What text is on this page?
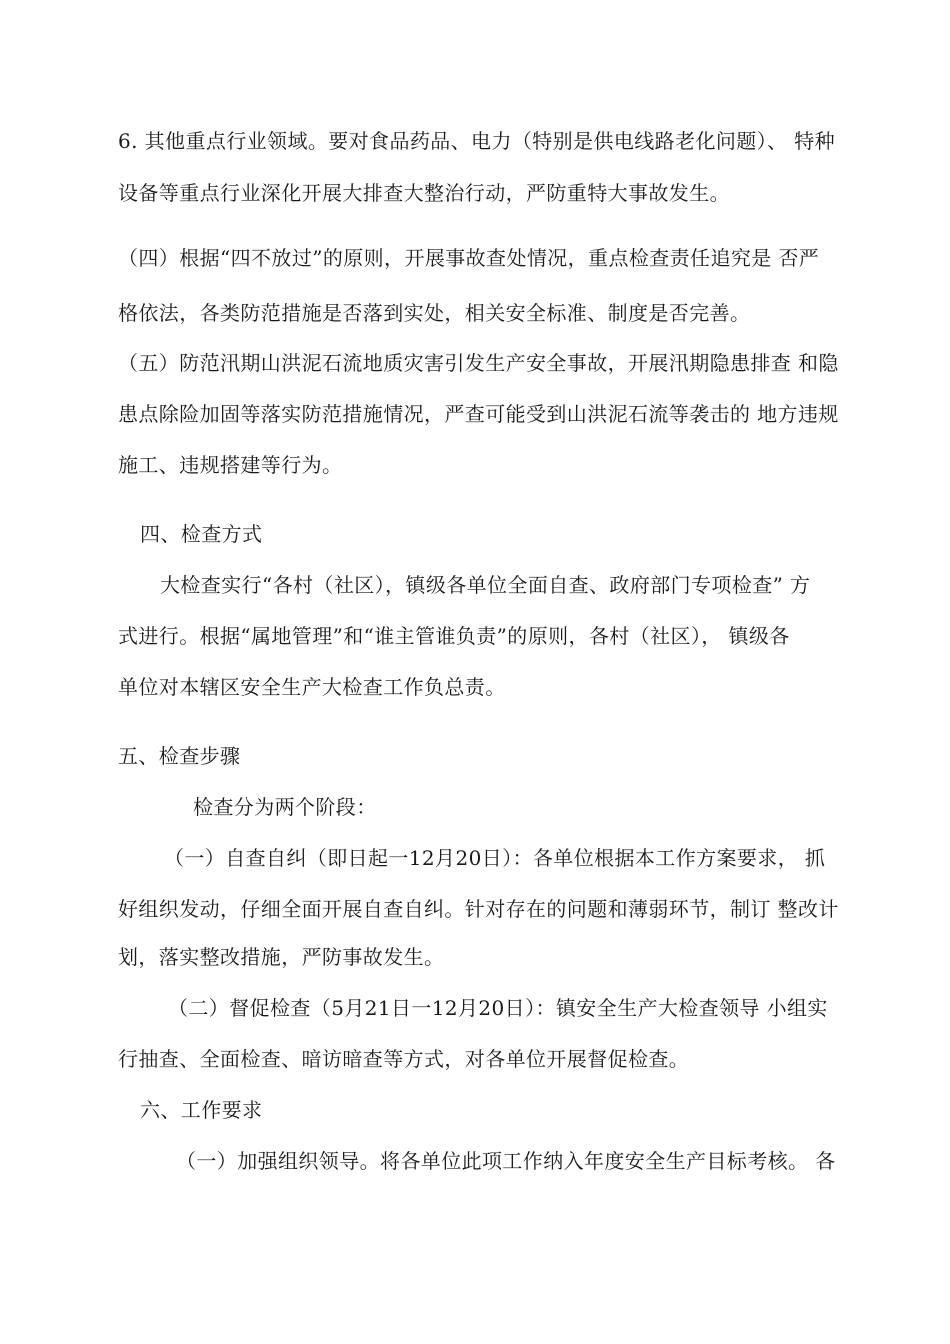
6. 其他重点行业领域。要对食品药品、电力（特别是供电线路老化问题）、 特种
设备等重点行业深化开展大排查大整治行动，严防重特大事故发生。
（四）根据“四不放过”的原则，开展事故查处情况，重点检查责任追究是 否严
格依法，各类防范措施是否落到实处，相关安全标准、制度是否完善。
（五）防范汛期山洪泥石流地质灾害引发生产安全事故，开展汛期隐患排查 和隐
患点除险加固等落实防范措施情况，严查可能受到山洪泥石流等袭击的 地方违规
施工、违规搭建等行为。
四、检查方式
大检查实行“各村（社区），镇级各单位全面自查、政府部门专项检查” 方
式进行。根据“属地管理”和“谁主管谁负责”的原则，各村（社区）， 镇级各
单位对本辖区安全生产大检查工作负总责。
五、检查步骤
检查分为两个阶段：
（一）自查自纠（即日起一12月20日）：各单位根据本工作方案要求， 抓
好组织发动，仔细全面开展自查自纠。针对存在的问题和薄弱环节，制订 整改计
划，落实整改措施，严防事故发生。
（二）督促检查（5月21日一12月20日）：镇安全生产大检查领导 小组实
行抽查、全面检查、暗访暗查等方式，对各单位开展督促检查。
六、工作要求
（一）加强组织领导。将各单位此项工作纳入年度安全生产目标考核。 各
